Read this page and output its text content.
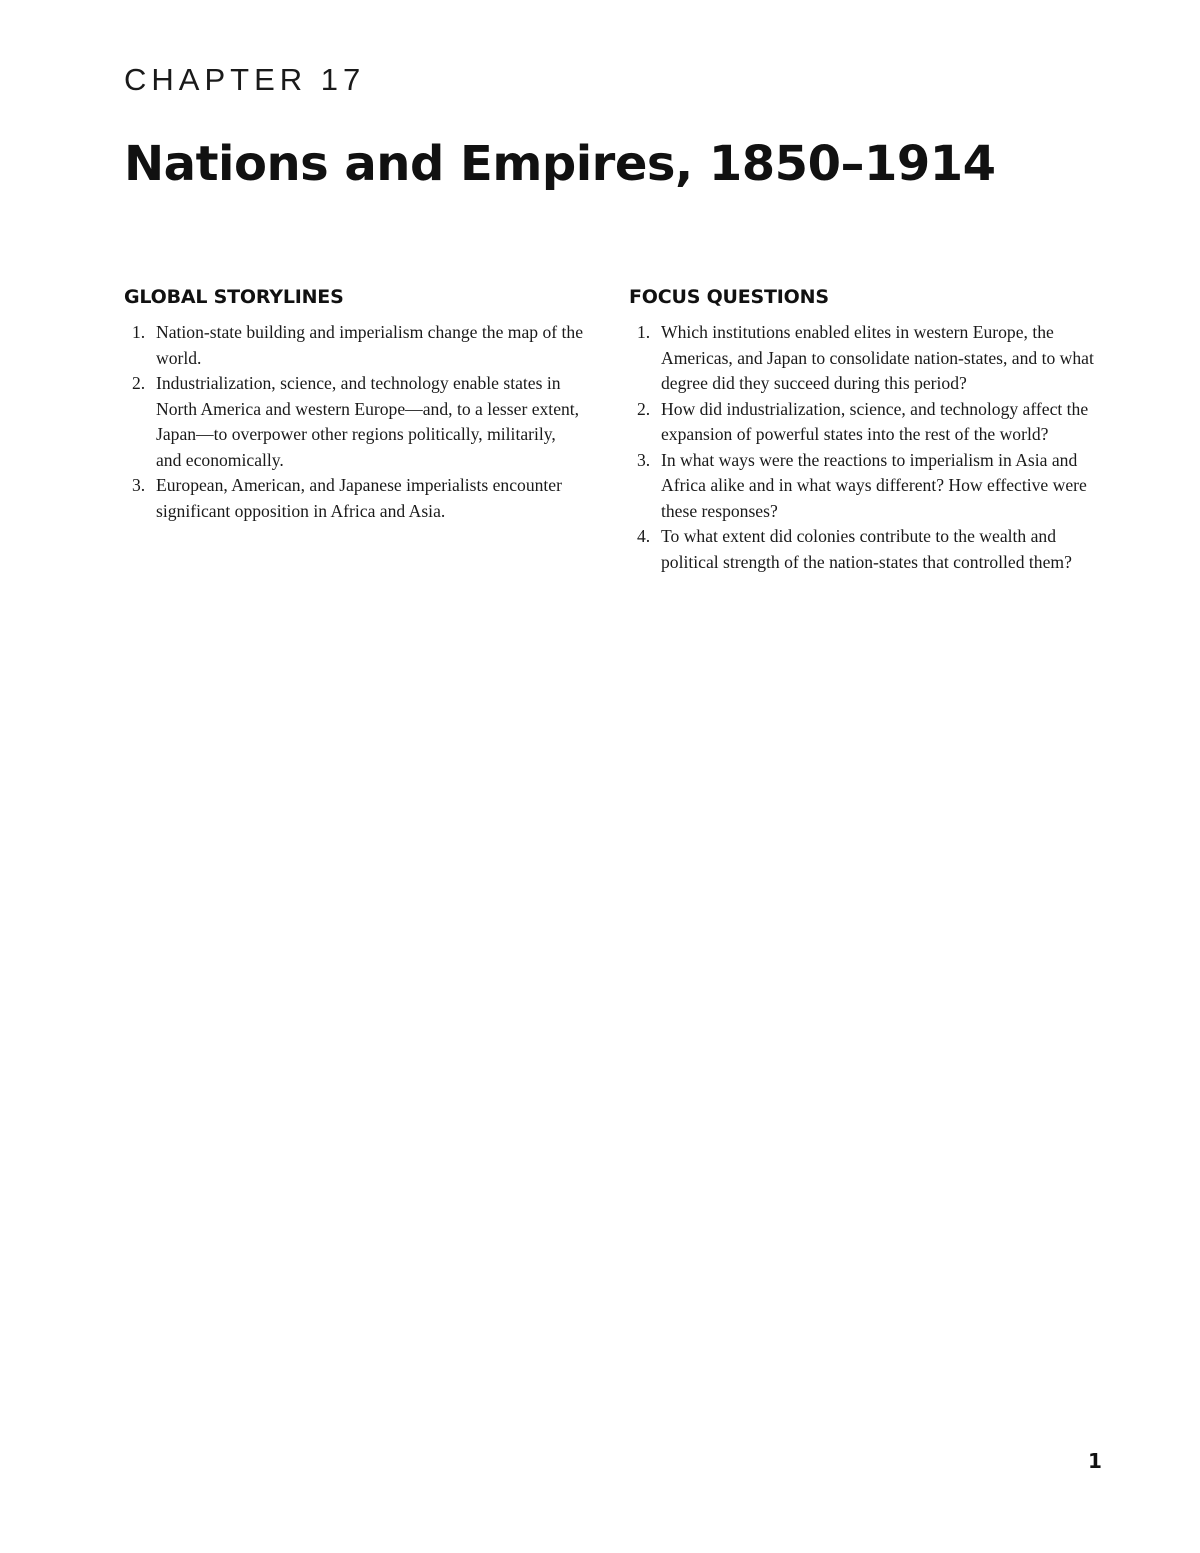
CHAPTER 17
Nations and Empires, 1850–1914
GLOBAL STORYLINES
1. Nation-state building and imperialism change the map of the world.
2. Industrialization, science, and technology enable states in North America and western Europe—and, to a lesser extent, Japan—to overpower other regions politically, militarily, and economically.
3. European, American, and Japanese imperialists encounter significant opposition in Africa and Asia.
FOCUS QUESTIONS
1. Which institutions enabled elites in western Europe, the Americas, and Japan to consolidate nation-states, and to what degree did they succeed during this period?
2. How did industrialization, science, and technology affect the expansion of powerful states into the rest of the world?
3. In what ways were the reactions to imperialism in Asia and Africa alike and in what ways different? How effective were these responses?
4. To what extent did colonies contribute to the wealth and political strength of the nation-states that controlled them?

1
